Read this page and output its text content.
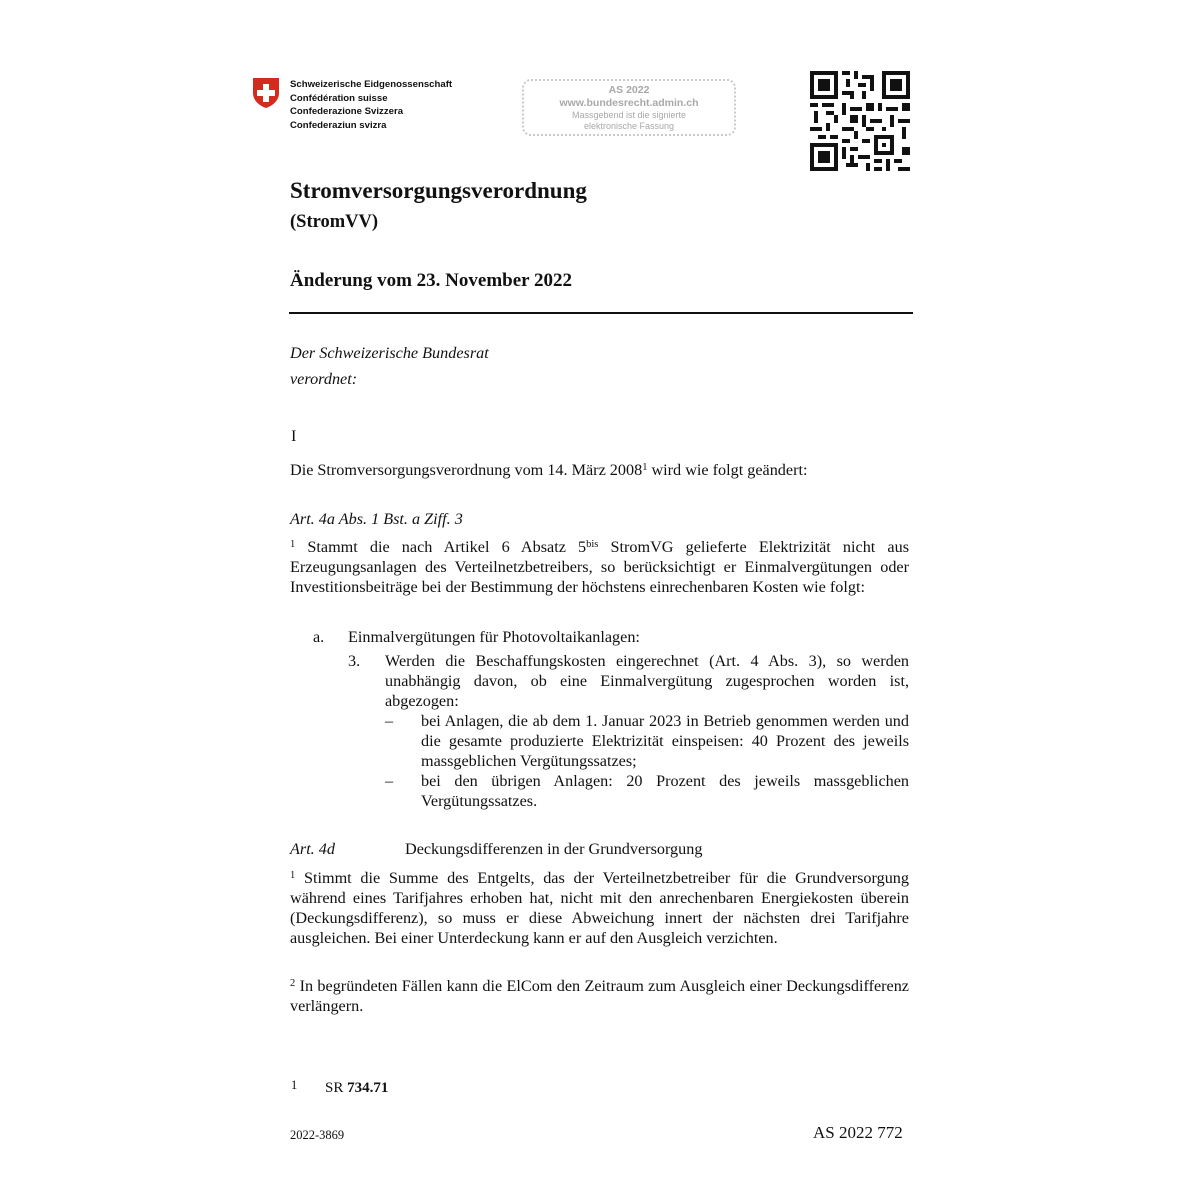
Schweizerische Eidgenossenschaft
Confédération suisse
Confederazione Svizzera
Confederaziun svizra
AS 2022
www.bundesrecht.admin.ch
Massgebend ist die signierte
elektronische Fassung
Stromversorgungsverordnung
(StromVV)
Änderung vom 23. November 2022
Der Schweizerische Bundesrat
verordnet:
I
Die Stromversorgungsverordnung vom 14. März 2008$^1$ wird wie folgt geändert:
Art. 4a Abs. 1 Bst. a Ziff. 3
$^1$ Stammt die nach Artikel 6 Absatz $5^{bis}$ StromVG gelieferte Elektrizität nicht aus Erzeugungsanlagen des Verteilnetzbetreibers, so berücksichtigt er Einmalvergütungen oder Investitionsbeiträge bei der Bestimmung der höchstens einrechenbaren Kosten wie folgt:
a. Einmalvergütungen für Photovoltaikanlagen:
3. Werden die Beschaffungskosten eingerechnet (Art. 4 Abs. 3), so werden unabhängig davon, ob eine Einmalvergütung zugesprochen worden ist, abgezogen:
– bei Anlagen, die ab dem 1. Januar 2023 in Betrieb genommen werden und die gesamte produzierte Elektrizität einspeisen: 40 Prozent des jeweils massgeblichen Vergütungssatzes;
– bei den übrigen Anlagen: 20 Prozent des jeweils massgeblichen Vergütungssatzes.
Art. 4d	Deckungsdifferenzen in der Grundversorgung
$^1$ Stimmt die Summe des Entgelts, das der Verteilnetzbetreiber für die Grundversorgung während eines Tarifjahres erhoben hat, nicht mit den anrechenbaren Energiekosten überein (Deckungsdifferenz), so muss er diese Abweichung innert der nächsten drei Tarifjahre ausgleichen. Bei einer Unterdeckung kann er auf den Ausgleich verzichten.
$^2$ In begründeten Fällen kann die ElCom den Zeitraum zum Ausgleich einer Deckungsdifferenz verlängern.
1 SR 734.71
2022-3869	AS 2022 772
